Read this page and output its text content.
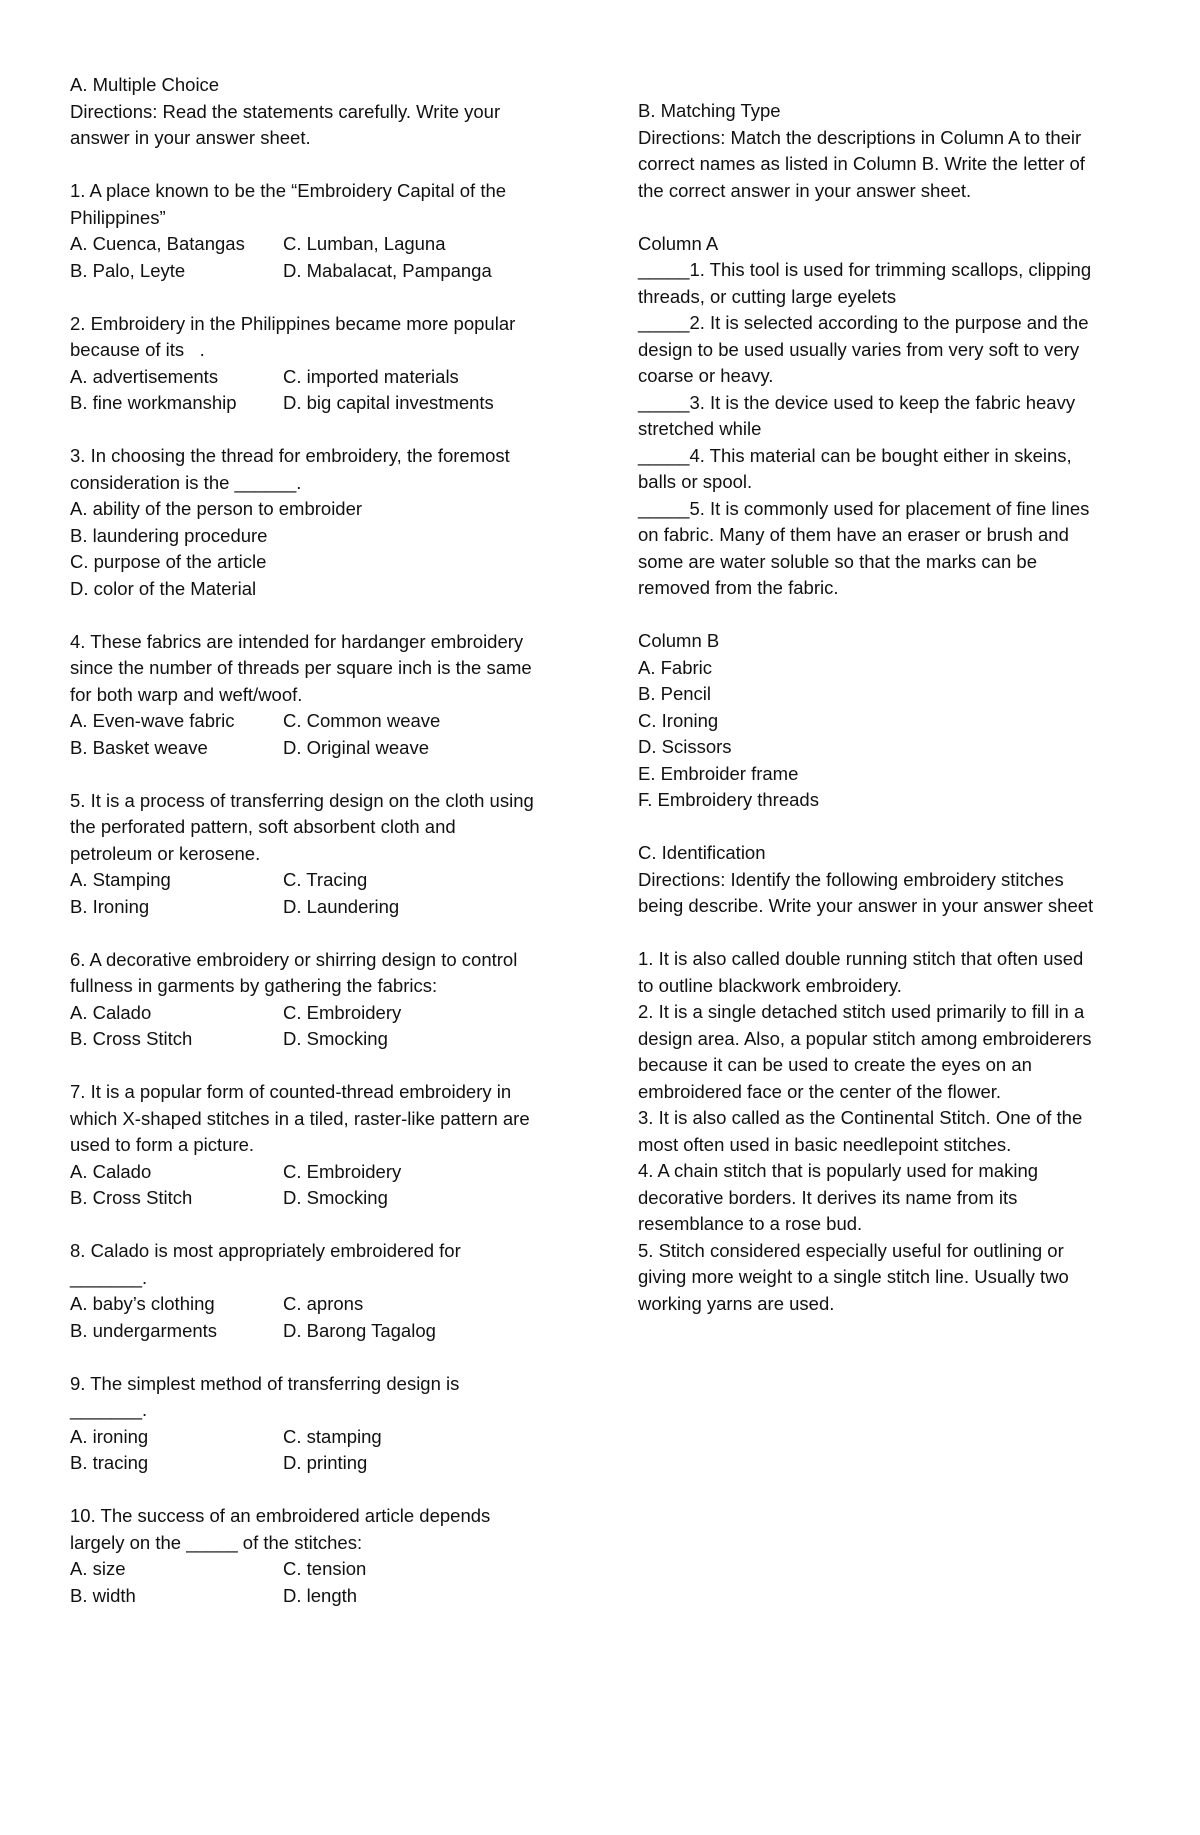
A. Multiple Choice
Directions: Read the statements carefully. Write your
answer in your answer sheet.
1. A place known to be the “Embroidery Capital of the
Philippines”
A. Cuenca, Batangas	C. Lumban, Laguna
B. Palo, Leyte	D. Mabalacat, Pampanga
2. Embroidery in the Philippines became more popular
because of its   .
A. advertisements	C. imported materials
B. fine workmanship	D. big capital investments
3. In choosing the thread for embroidery, the foremost
consideration is the ______.
A. ability of the person to embroider
B. laundering procedure
C. purpose of the article
D. color of the Material
4. These fabrics are intended for hardanger embroidery
since the number of threads per square inch is the same
for both warp and weft/woof.
A. Even-wave fabric	C. Common weave
B. Basket weave	D. Original weave
5. It is a process of transferring design on the cloth using
the perforated pattern, soft absorbent cloth and
petroleum or kerosene.
A. Stamping	C. Tracing
B. Ironing	D. Laundering
6. A decorative embroidery or shirring design to control
fullness in garments by gathering the fabrics:
A. Calado	C. Embroidery
B. Cross Stitch	D. Smocking
7. It is a popular form of counted-thread embroidery in
which X-shaped stitches in a tiled, raster-like pattern are
used to form a picture.
A. Calado	C. Embroidery
B. Cross Stitch	D. Smocking
8. Calado is most appropriately embroidered for
_______.
A. baby’s clothing	C. aprons
B. undergarments	D. Barong Tagalog
9. The simplest method of transferring design is
_______.
A. ironing	C. stamping
B. tracing	D. printing
10. The success of an embroidered article depends
largely on the _____ of the stitches:
A. size	C. tension
B. width	D. length
B. Matching Type
Directions: Match the descriptions in Column A to their
correct names as listed in Column B. Write the letter of
the correct answer in your answer sheet.
Column A
_____1. This tool is used for trimming scallops, clipping
threads, or cutting large eyelets
_____2. It is selected according to the purpose and the
design to be used usually varies from very soft to very
coarse or heavy.
_____3. It is the device used to keep the fabric heavy
stretched while
_____4. This material can be bought either in skeins,
balls or spool.
_____5. It is commonly used for placement of fine lines
on fabric. Many of them have an eraser or brush and
some are water soluble so that the marks can be
removed from the fabric.
Column B
A. Fabric
B. Pencil
C. Ironing
D. Scissors
E. Embroider frame
F. Embroidery threads
C. Identification
Directions: Identify the following embroidery stitches
being describe. Write your answer in your answer sheet
1. It is also called double running stitch that often used
to outline blackwork embroidery.
2. It is a single detached stitch used primarily to fill in a
design area. Also, a popular stitch among embroiderers
because it can be used to create the eyes on an
embroidered face or the center of the flower.
3. It is also called as the Continental Stitch. One of the
most often used in basic needlepoint stitches.
4. A chain stitch that is popularly used for making
decorative borders. It derives its name from its
resemblance to a rose bud.
5. Stitch considered especially useful for outlining or
giving more weight to a single stitch line. Usually two
working yarns are used.
